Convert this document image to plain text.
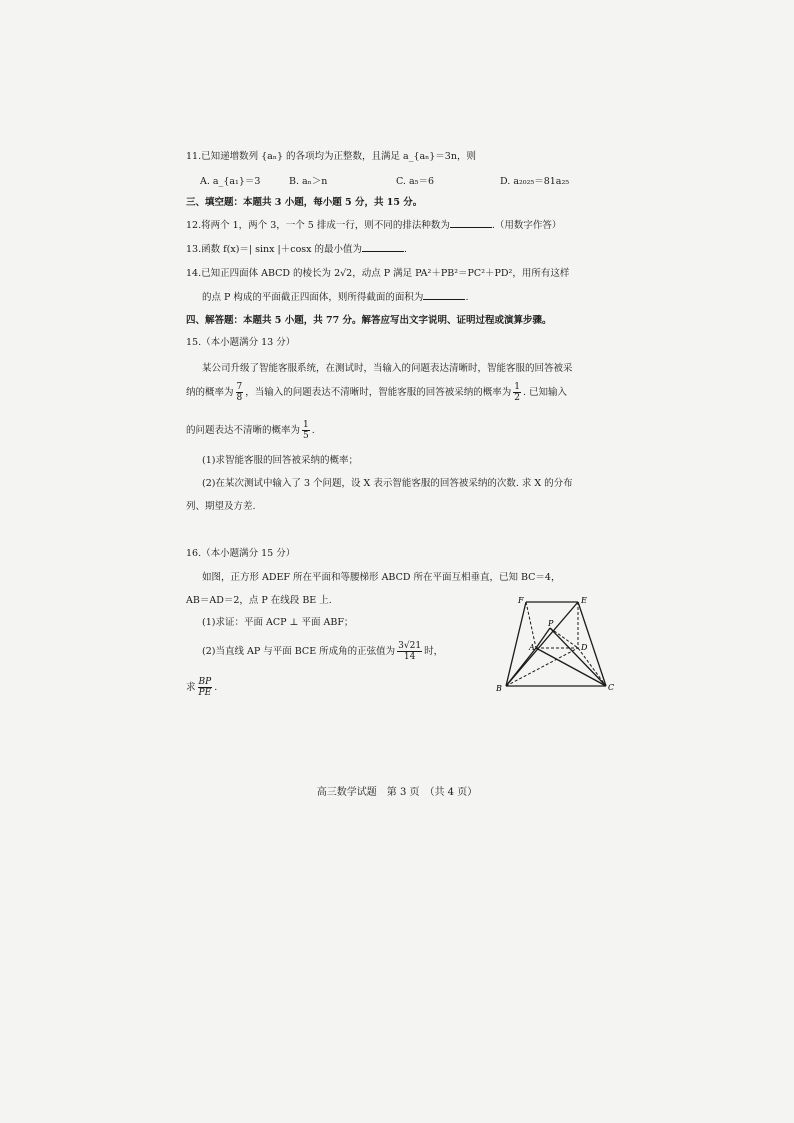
11.已知递增数列 {aₙ} 的各项均为正整数，且满足 a_{aₙ}＝3n，则
A. a_{a₁}＝3	B. aₙ＞n	C. a₅＝6	D. a₂₀₂₅＝81a₂₅
三、填空题：本题共 3 小题，每小题 5 分，共 15 分。
12.将两个 1，两个 3，一个 5 排成一行，则不同的排法种数为	.（用数字作答）
13.函数 f(x)＝| sinx |＋cosx 的最小值为	.
14.已知正四面体 ABCD 的棱长为 2√2，动点 P 满足 PA²＋PB²＝PC²＋PD²，用所有这样
的点 P 构成的平面截正四面体，则所得截面的面积为	.
四、解答题：本题共 5 小题，共 77 分。解答应写出文字说明、证明过程或演算步骤。
15.（本小题满分 13 分）
某公司升级了智能客服系统，在测试时，当输入的问题表达清晰时，智能客服的回答被采
纳的概率为 $\frac{7}{8}$ ，当输入的问题表达不清晰时，智能客服的回答被采纳的概率为 $\frac{1}{2}$ . 已知输入
的问题表达不清晰的概率为 $\frac{1}{5}$ .
(1)求智能客服的回答被采纳的概率；
(2)在某次测试中输入了 3 个问题，设 X 表示智能客服的回答被采纳的次数. 求 X 的分布
列、期望及方差.
16.（本小题满分 15 分）
如图，正方形 ADEF 所在平面和等腰梯形 ABCD 所在平面互相垂直，已知 BC＝4，
AB＝AD＝2，点 P 在线段 BE 上.
(1)求证：平面 ACP ⊥ 平面 ABF；
(2)当直线 AP 与平面 BCE 所成角的正弦值为 $\frac{3√21}{14}$ 时，
求 $\frac{BP}{PE}$ .
F	E
P
A	D
B	C
高三数学试题　第 3 页　（共 4 页）
